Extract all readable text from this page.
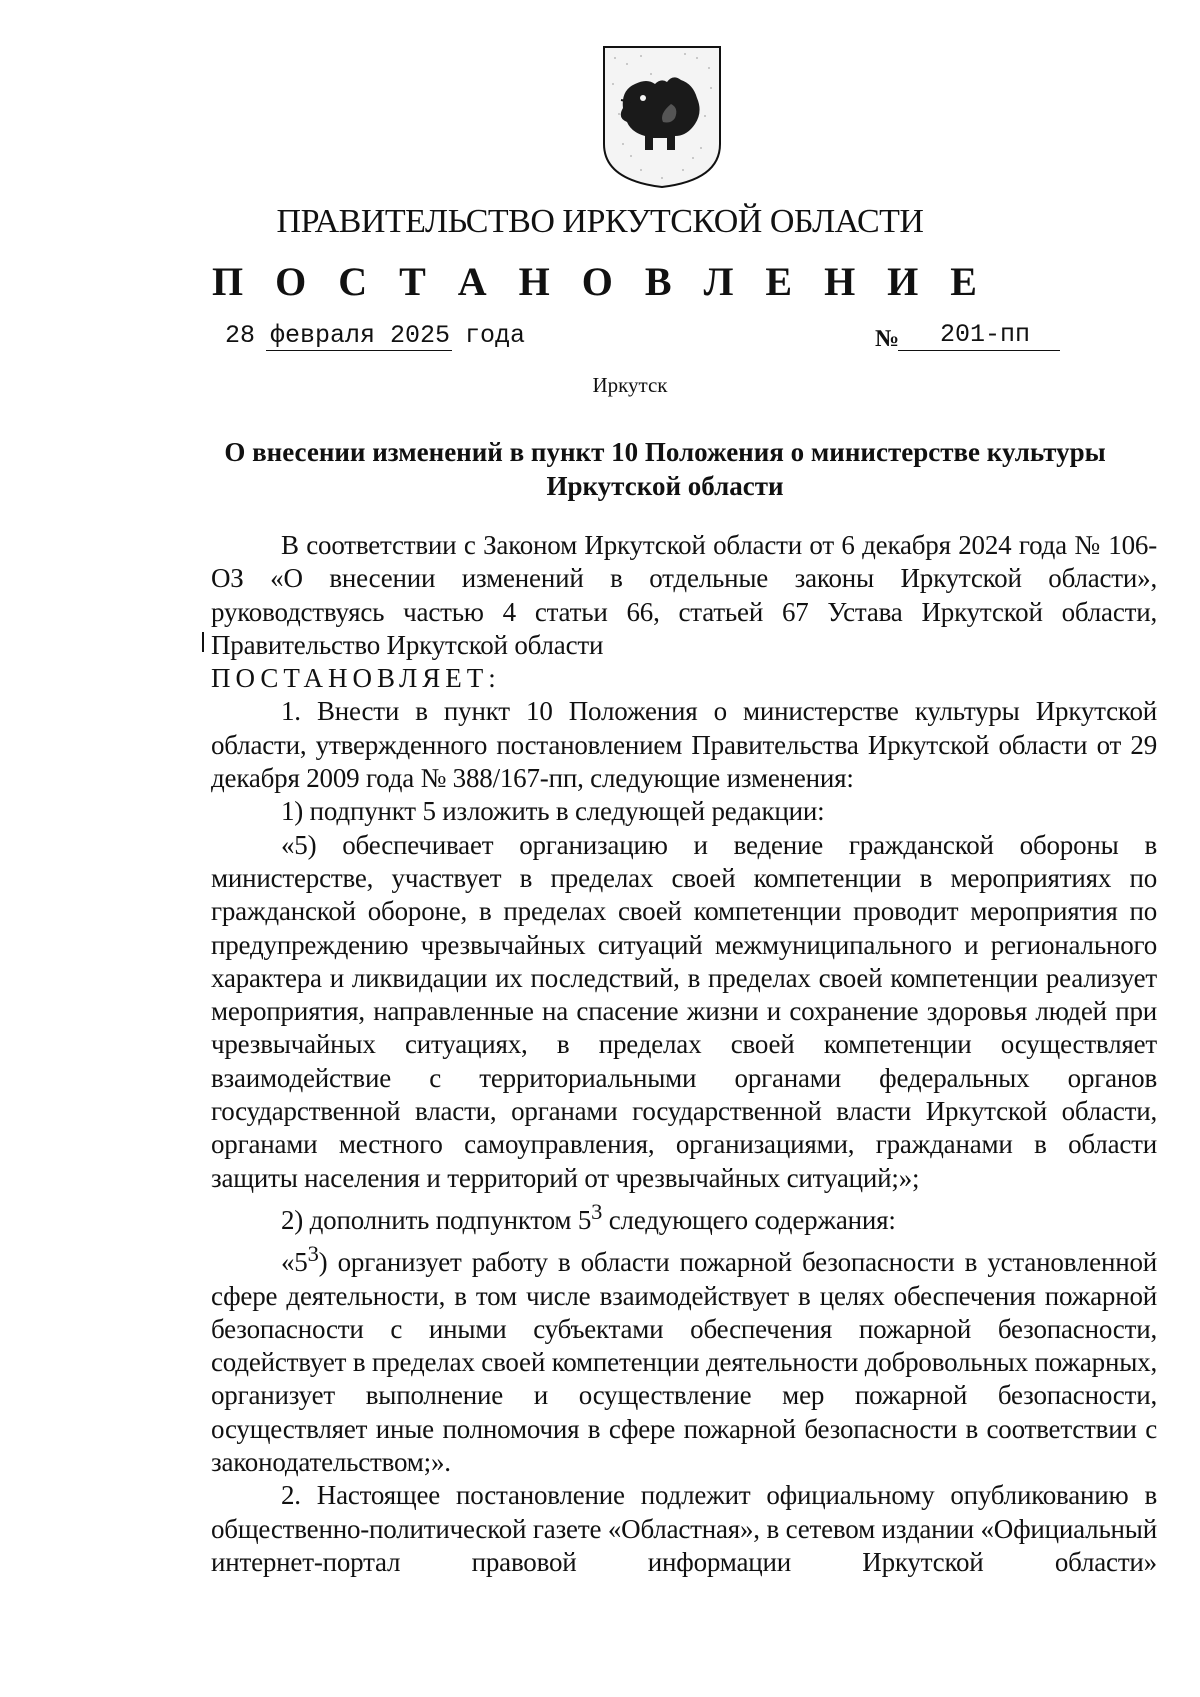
ПРАВИТЕЛЬСТВО ИРКУТСКОЙ ОБЛАСТИ
П О С Т А Н О В Л Е Н И Е
28 февраля 2025 года	№ 201-пп
Иркутск
О внесении изменений в пункт 10 Положения о министерстве культуры Иркутской области

В соответствии с Законом Иркутской области от 6 декабря 2024 года № 106-ОЗ «О внесении изменений в отдельные законы Иркутской области», руководствуясь частью 4 статьи 66, статьей 67 Устава Иркутской области, Правительство Иркутской области

ПОСТАНОВЛЯЕТ:

1. Внести в пункт 10 Положения о министерстве культуры Иркутской области, утвержденного постановлением Правительства Иркутской области от 29 декабря 2009 года № 388/167-пп, следующие изменения:

1) подпункт 5 изложить в следующей редакции:

«5) обеспечивает организацию и ведение гражданской обороны в министерстве, участвует в пределах своей компетенции в мероприятиях по гражданской обороне, в пределах своей компетенции проводит мероприятия по предупреждению чрезвычайных ситуаций межмуниципального и регионального характера и ликвидации их последствий, в пределах своей компетенции реализует мероприятия, направленные на спасение жизни и сохранение здоровья людей при чрезвычайных ситуациях, в пределах своей компетенции осуществляет взаимодействие с территориальными органами федеральных органов государственной власти, органами государственной власти Иркутской области, органами местного самоуправления, организациями, гражданами в области защиты населения и территорий от чрезвычайных ситуаций;»;

2) дополнить подпунктом $5^3$ следующего содержания:

«$5^3$) организует работу в области пожарной безопасности в установленной сфере деятельности, в том числе взаимодействует в целях обеспечения пожарной безопасности с иными субъектами обеспечения пожарной безопасности, содействует в пределах своей компетенции деятельности добровольных пожарных, организует выполнение и осуществление мер пожарной безопасности, осуществляет иные полномочия в сфере пожарной безопасности в соответствии с законодательством;».

2. Настоящее постановление подлежит официальному опубликованию в общественно-политической газете «Областная», в сетевом издании «Официальный интернет-портал правовой информации Иркутской области»
